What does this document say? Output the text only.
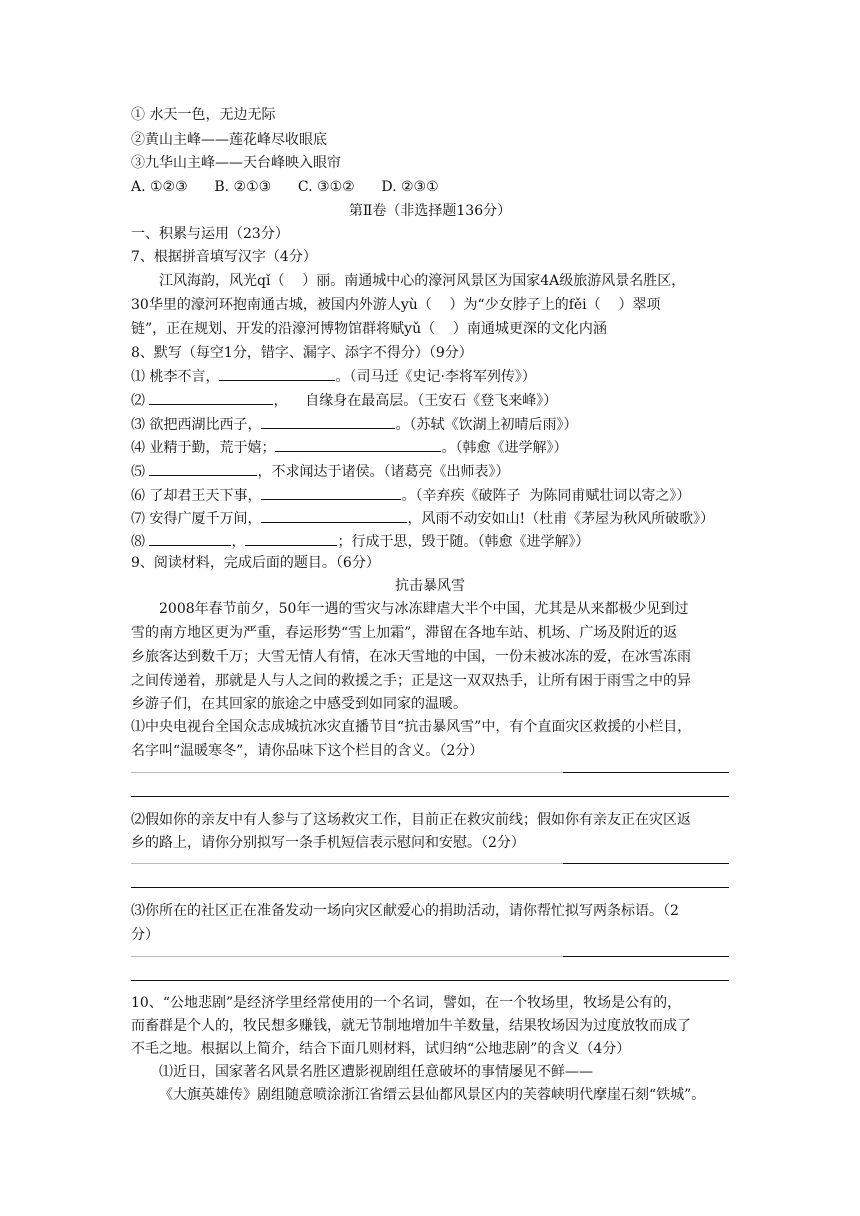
① 水天一色，无边无际
②黄山主峰——莲花峰尽收眼底
③九华山主峰——天台峰映入眼帘
A. ①②③      B. ②①③      C. ③①②      D. ②③①
第Ⅱ卷（非选择题136分）
一、积累与运用（23分）
7、根据拼音填写汉字（4分）
江风海韵，风光qǐ（    ）丽。南通城中心的濠河风景区为国家4A级旅游风景名胜区，
30华里的濠河环抱南通古城，被国内外游人yù（    ）为“少女脖子上的fěi（    ）翠项
链”，正在规划、开发的沿濠河博物馆群将赋yǔ（    ）南通城更深的文化内涵
8、默写（每空1分，错字、漏字、添字不得分）（9分）
⑴ 桃李不言，	。（司马迁《史记·李将军列传》）
⑵	，    自缘身在最高层。（王安石《登飞来峰》）
⑶ 欲把西湖比西子，	。（苏轼《饮湖上初晴后雨》）
⑷ 业精于勤，荒于嬉；	。（韩愈《进学解》）
⑸	，不求闻达于诸侯。（诸葛亮《出师表》）
⑹ 了却君王天下事，	。（辛弃疾《破阵子  为陈同甫赋壮词以寄之》）
⑺ 安得广厦千万间，	，风雨不动安如山!（杜甫《茅屋为秋风所破歌》）
⑻	，	；行成于思，毁于随。（韩愈《进学解》）
9、阅读材料，完成后面的题目。（6分）
抗击暴风雪
2008年春节前夕，50年一遇的雪灾与冰冻肆虐大半个中国，尤其是从来都极少见到过
雪的南方地区更为严重，春运形势“雪上加霜”，滞留在各地车站、机场、广场及附近的返
乡旅客达到数千万；大雪无情人有情，在冰天雪地的中国，一份未被冰冻的爱，在冰雪冻雨
之间传递着，那就是人与人之间的救援之手；正是这一双双热手，让所有困于雨雪之中的异
乡游子们，在其回家的旅途之中感受到如同家的温暖。
⑴中央电视台全国众志成城抗冰灾直播节目“抗击暴风雪”中，有个直面灾区救援的小栏目，
名字叫“温暖寒冬”，请你品味下这个栏目的含义。（2分）
⑵假如你的亲友中有人参与了这场救灾工作，目前正在救灾前线；假如你有亲友正在灾区返
乡的路上，请你分别拟写一条手机短信表示慰问和安慰。（2分）
⑶你所在的社区正在准备发动一场向灾区献爱心的捐助活动，请你帮忙拟写两条标语。（2
分）
10、“公地悲剧”是经济学里经常使用的一个名词，譬如，在一个牧场里，牧场是公有的，
而畜群是个人的，牧民想多赚钱，就无节制地增加牛羊数量，结果牧场因为过度放牧而成了
不毛之地。根据以上简介，结合下面几则材料，试归纳“公地悲剧”的含义（4分）
⑴近日，国家著名风景名胜区遭影视剧组任意破坏的事情屡见不鲜——
《大旗英雄传》剧组随意喷涂浙江省缙云县仙都风景区内的芙蓉峡明代摩崖石刻“铁城”。
